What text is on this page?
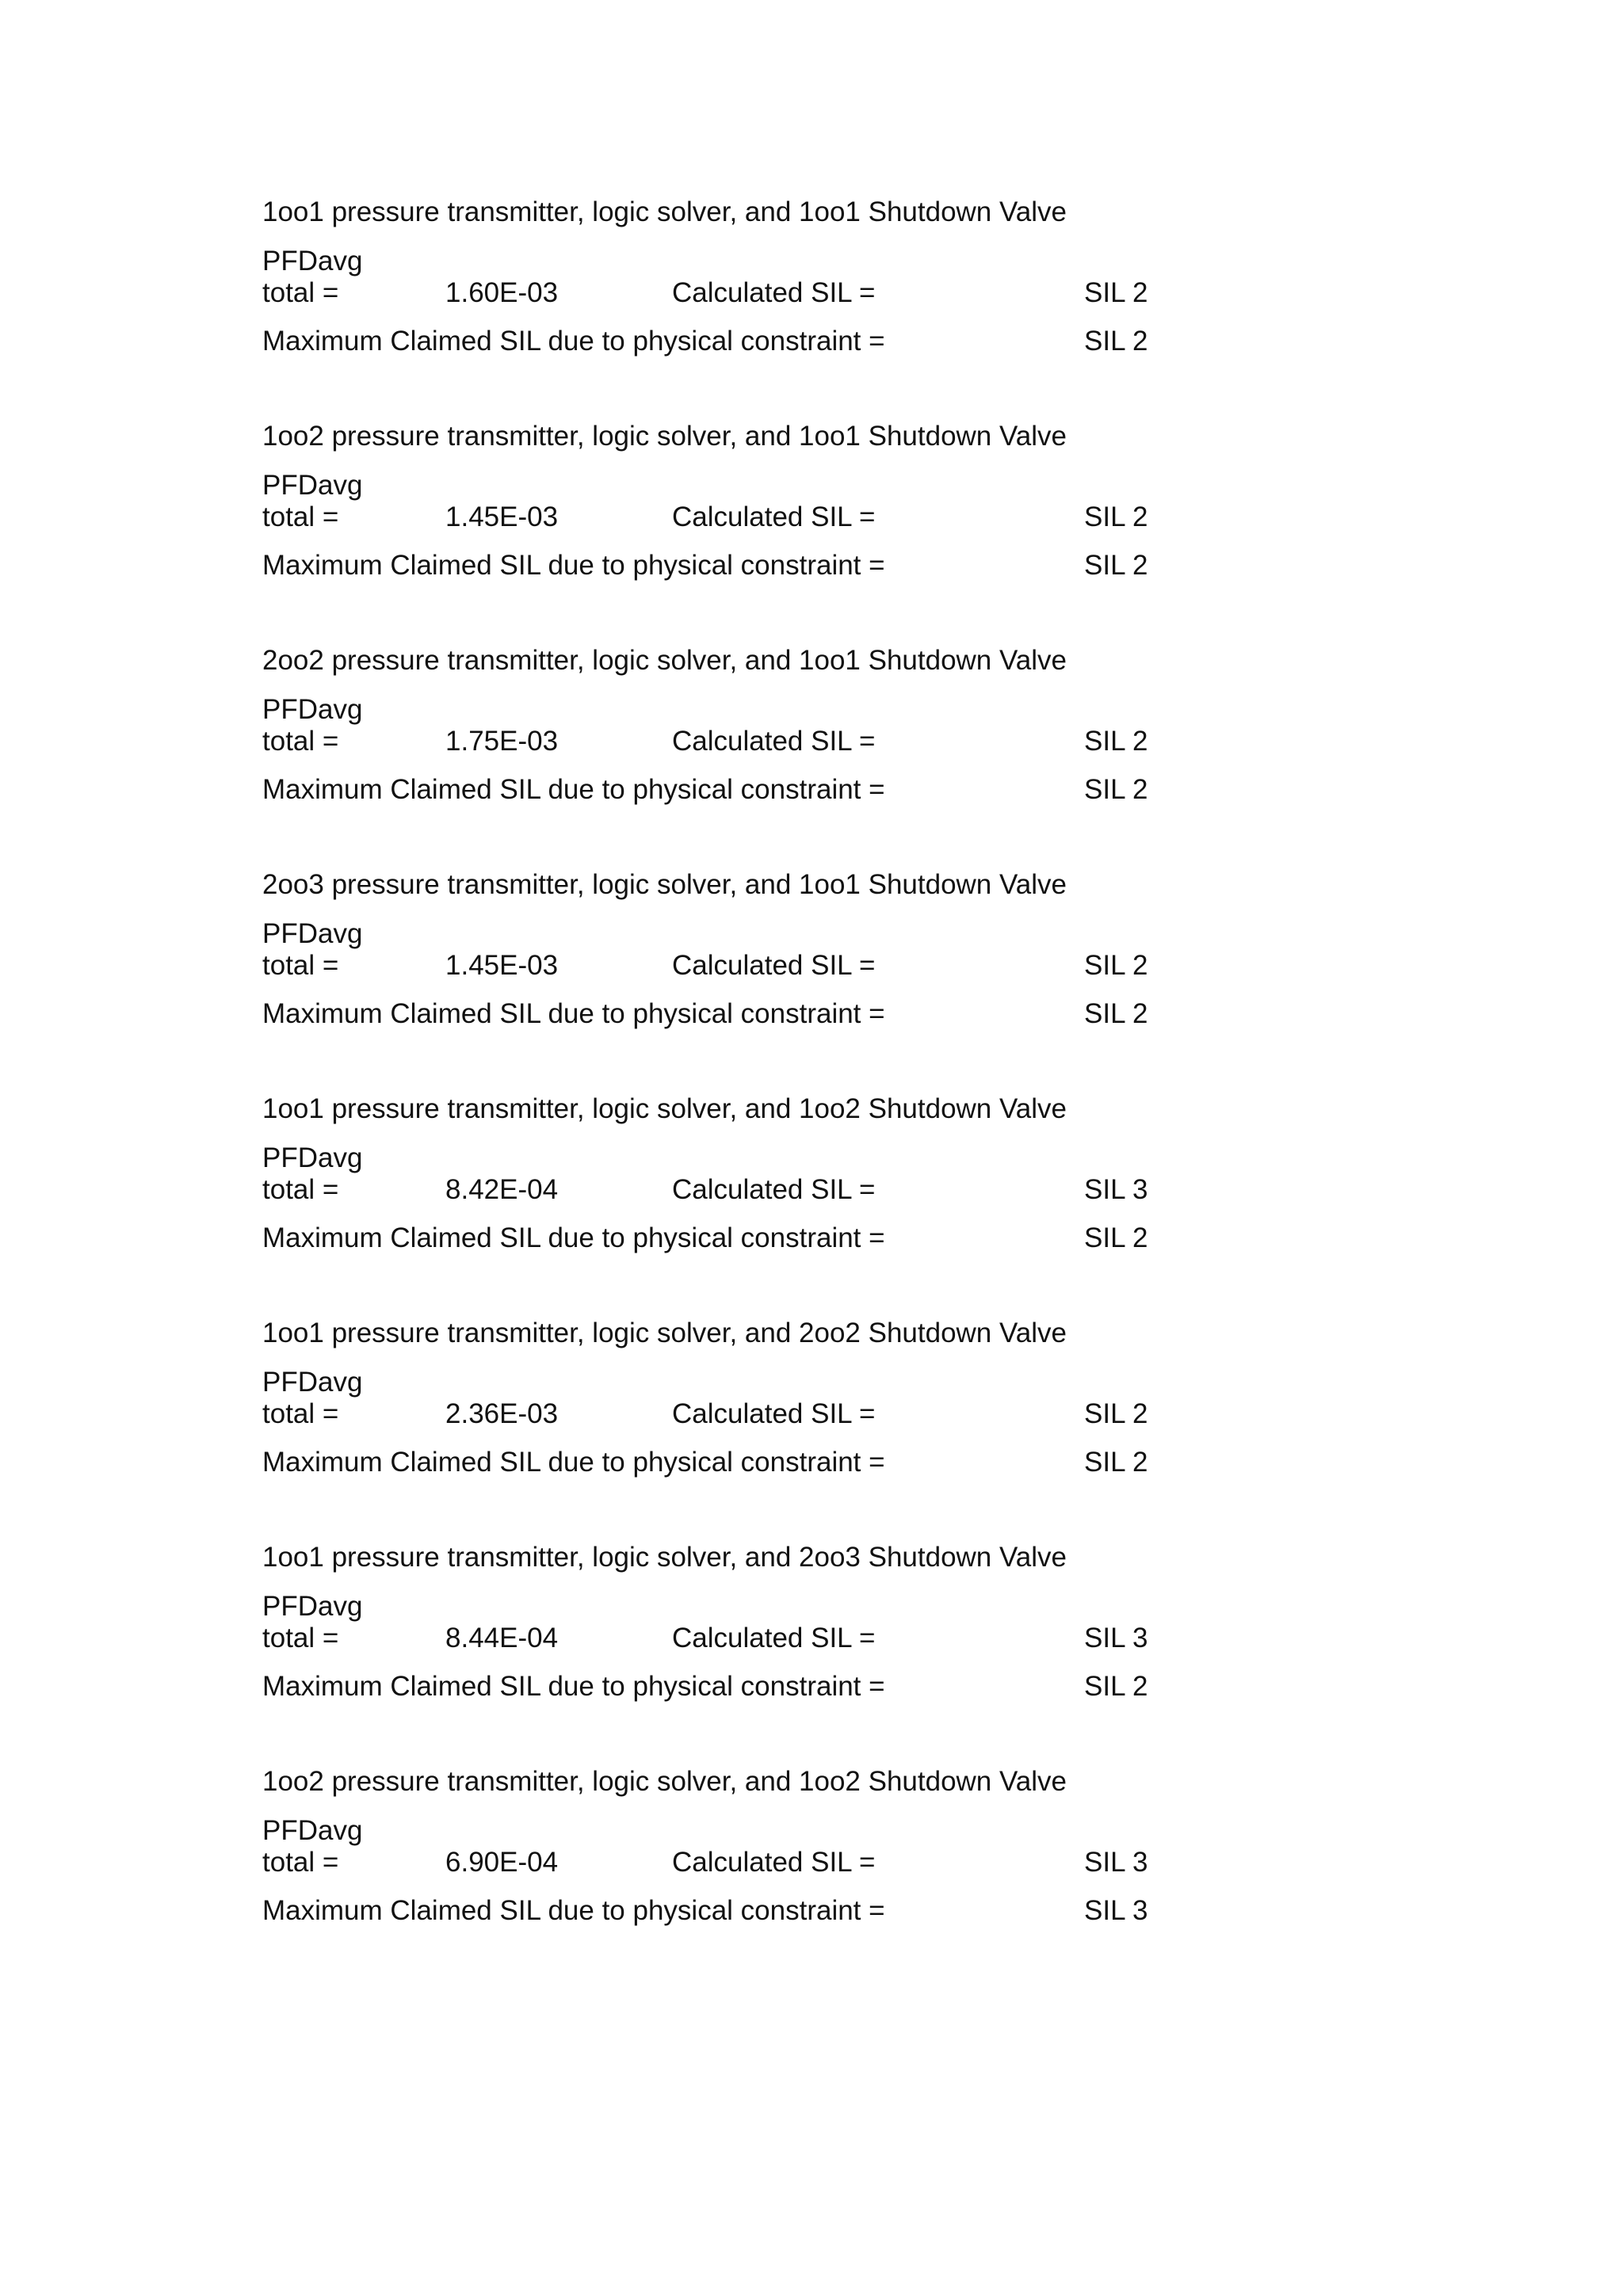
1oo1 pressure transmitter, logic solver, and 1oo1 Shutdown Valve
PFDavg
total =	1.60E-03	Calculated SIL =	SIL 2
Maximum Claimed SIL due to physical constraint =	SIL 2
1oo2 pressure transmitter, logic solver, and 1oo1 Shutdown Valve
PFDavg
total =	1.45E-03	Calculated SIL =	SIL 2
Maximum Claimed SIL due to physical constraint =	SIL 2
2oo2 pressure transmitter, logic solver, and 1oo1 Shutdown Valve
PFDavg
total =	1.75E-03	Calculated SIL =	SIL 2
Maximum Claimed SIL due to physical constraint =	SIL 2
2oo3 pressure transmitter, logic solver, and 1oo1 Shutdown Valve
PFDavg
total =	1.45E-03	Calculated SIL =	SIL 2
Maximum Claimed SIL due to physical constraint =	SIL 2
1oo1 pressure transmitter, logic solver, and 1oo2 Shutdown Valve
PFDavg
total =	8.42E-04	Calculated SIL =	SIL 3
Maximum Claimed SIL due to physical constraint =	SIL 2
1oo1 pressure transmitter, logic solver, and 2oo2 Shutdown Valve
PFDavg
total =	2.36E-03	Calculated SIL =	SIL 2
Maximum Claimed SIL due to physical constraint =	SIL 2
1oo1 pressure transmitter, logic solver, and 2oo3 Shutdown Valve
PFDavg
total =	8.44E-04	Calculated SIL =	SIL 3
Maximum Claimed SIL due to physical constraint =	SIL 2
1oo2 pressure transmitter, logic solver, and 1oo2 Shutdown Valve
PFDavg
total =	6.90E-04	Calculated SIL =	SIL 3
Maximum Claimed SIL due to physical constraint =	SIL 3
